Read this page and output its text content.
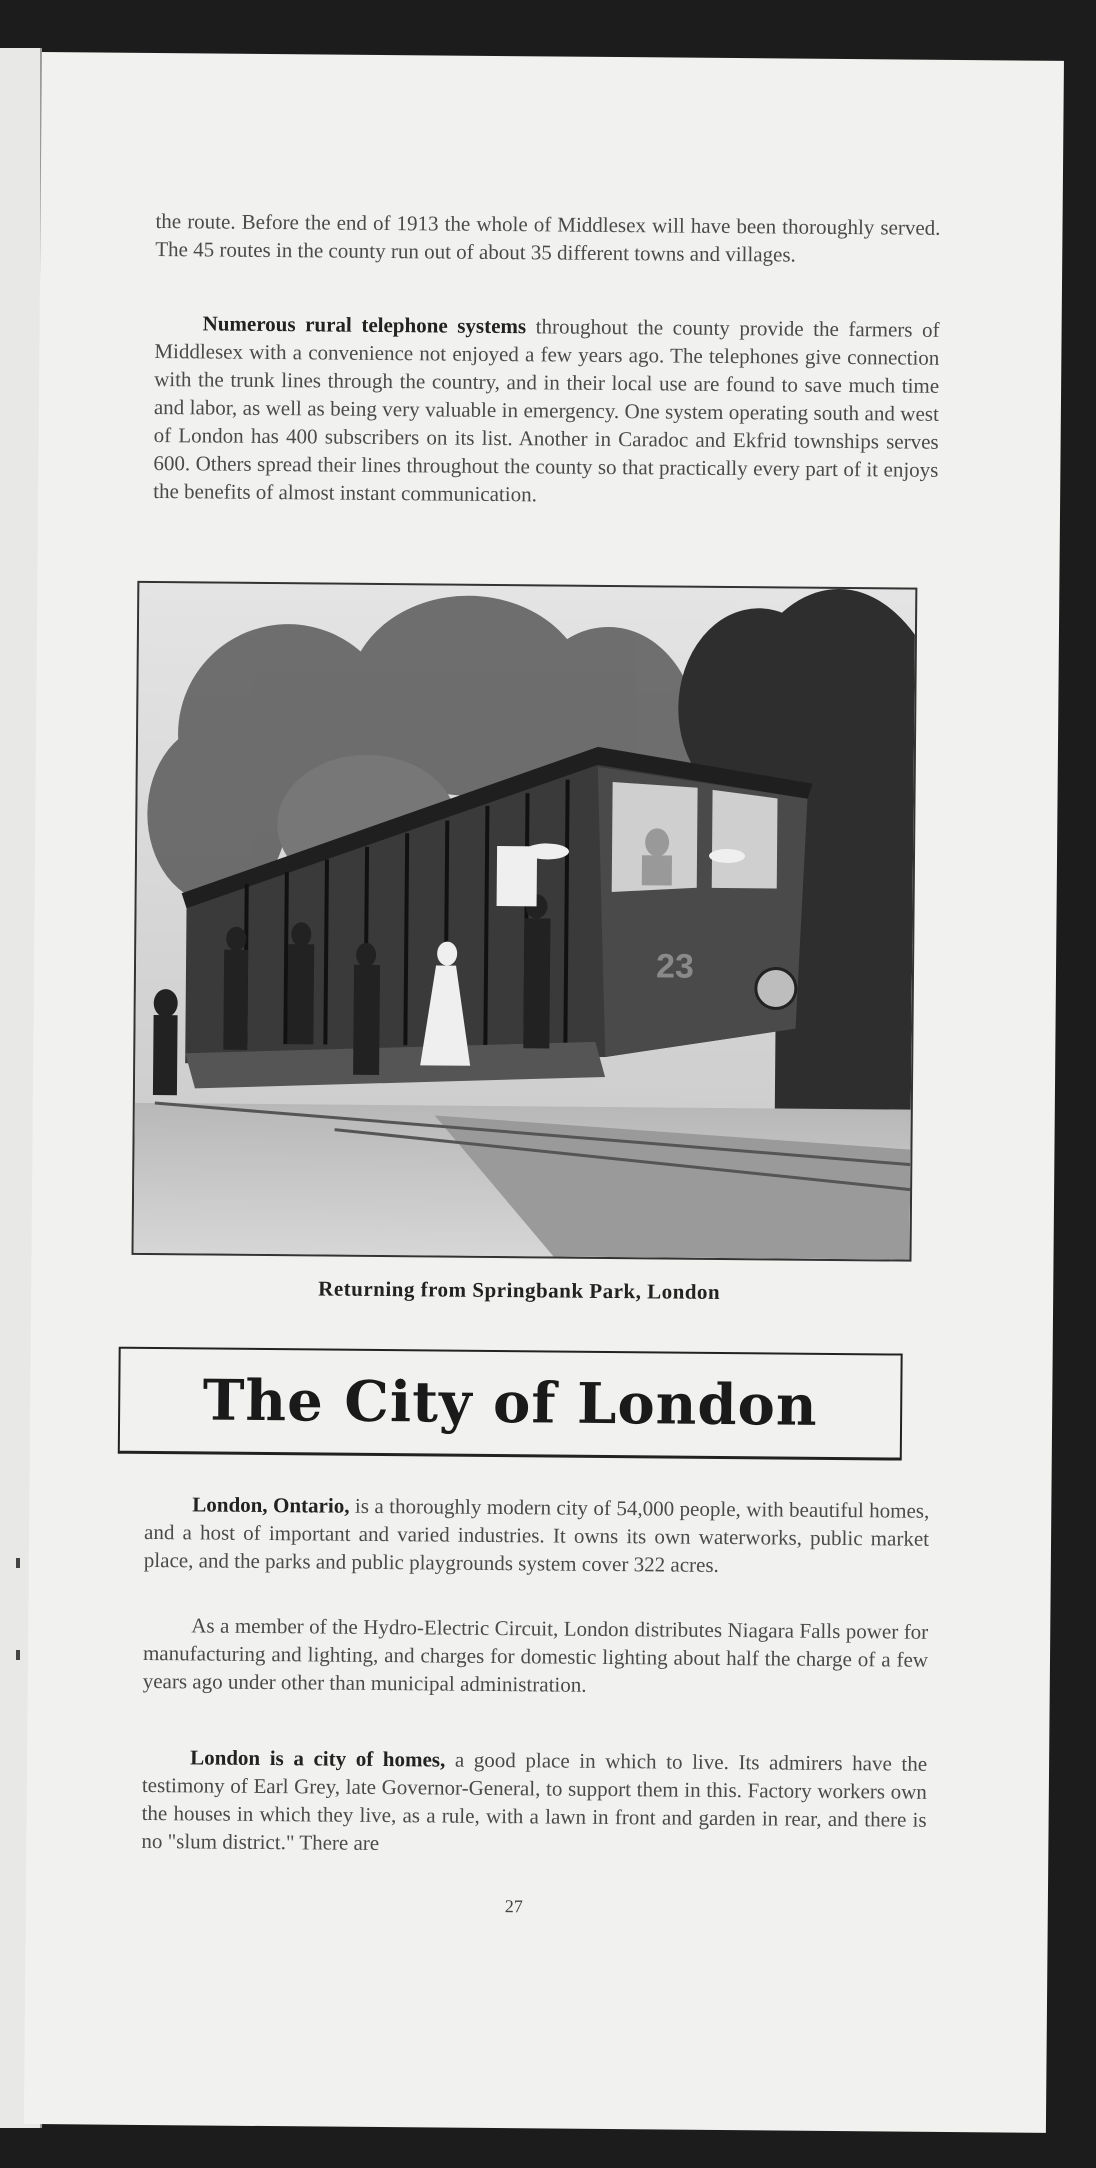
the route. Before the end of 1913 the whole of Middlesex will have been thoroughly served. The 45 routes in the county run out of about 35 different towns and villages.

Numerous rural telephone systems throughout the county provide the farmers of Middlesex with a convenience not enjoyed a few years ago. The telephones give connection with the trunk lines through the country, and in their local use are found to save much time and labor, as well as being very valuable in emergency. One system operating south and west of London has 400 subscribers on its list. Another in Caradoc and Ekfrid townships serves 600. Others spread their lines throughout the county so that practically every part of it enjoys the benefits of almost instant communication.

23
Returning from Springbank Park, London
The City of London

London, Ontario, is a thoroughly modern city of 54,000 people, with beautiful homes, and a host of important and varied industries. It owns its own waterworks, public market place, and the parks and public playgrounds system cover 322 acres.

As a member of the Hydro-Electric Circuit, London distributes Niagara Falls power for manufacturing and lighting, and charges for domestic lighting about half the charge of a few years ago under other than municipal administration.

London is a city of homes, a good place in which to live. Its admirers have the testimony of Earl Grey, late Governor-General, to support them in this. Factory workers own the houses in which they live, as a rule, with a lawn in front and garden in rear, and there is no "slum district." There are

27
